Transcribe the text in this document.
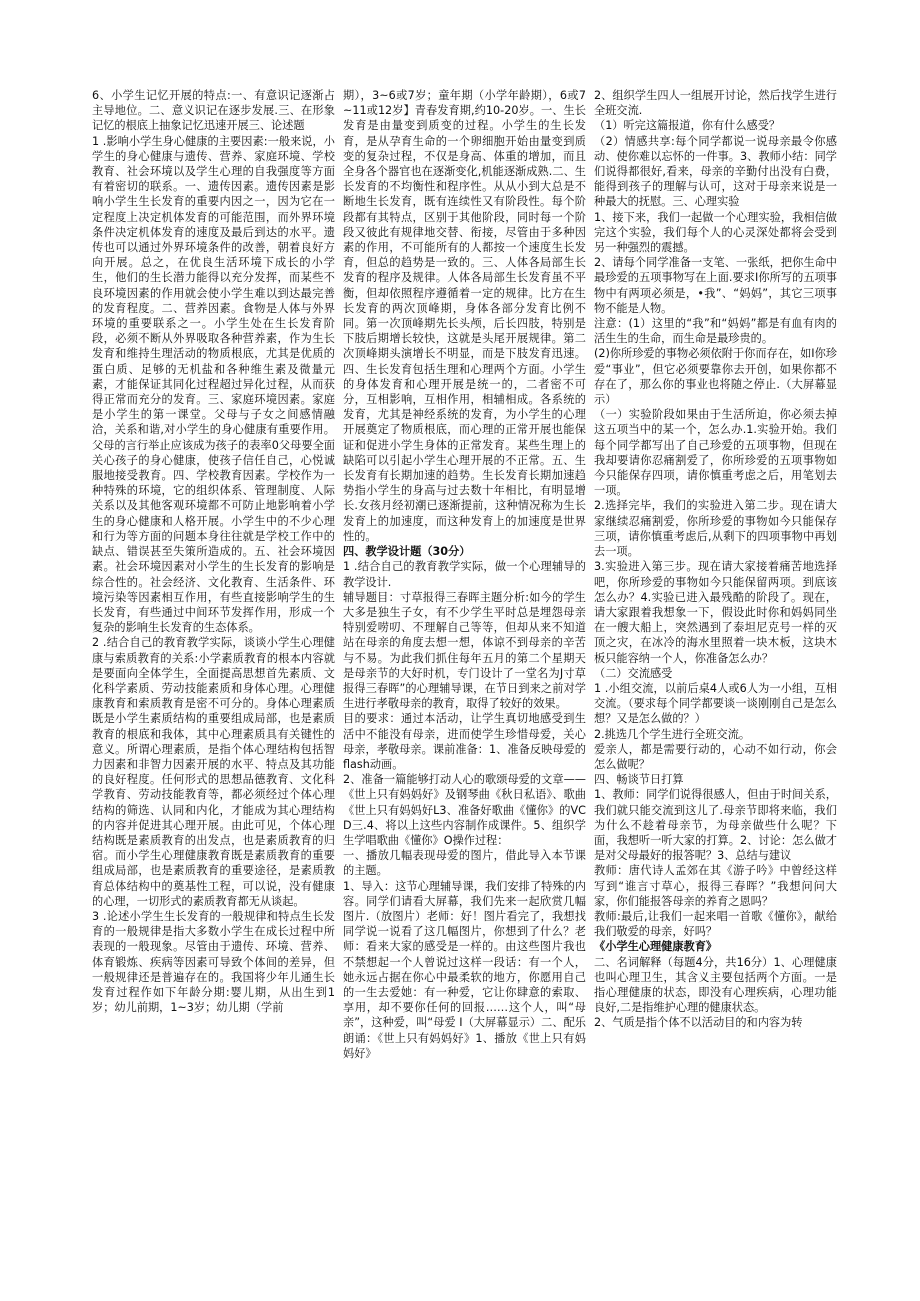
6、小学生记忆开展的特点:一、有意识记逐渐占主导地位。二、意义识记在逐步发展.三、在形象记忆的根底上抽象记忆迅速开展三、论述题

1 .影响小学生身心健康的主要因素:一般来说，小学生的身心健康与遗传、营养、家庭环境、学校教育、社会环境以及学生心理的自我强度等方面有着密切的联系。一、遗传因素。遗传因素是影响小学生生长发育的重要内因之一，因为它在一定程度上决定机体发育的可能范围，而外界环境条件决定机体发育的速度及最后到达的水平。遗传也可以通过外界环境条件的改善，朝着良好方向开展。总之，在优良生活环境下成长的小学生，他们的生长潜力能得以充分发挥，而某些不良环境因素的作用就会使小学生难以到达最完善的发育程度。二、营养因素。食物是人体与外界环境的重要联系之一。小学生处在生长发育阶段，必须不断从外界吸取各种营养素，作为生长发育和维持生理活动的物质根底，尤其是优质的蛋白质、足够的无机盐和各种维生素及微量元素，才能保证其同化过程超过异化过程，从而获得正常而充分的发育。三、家庭环境因素。家庭是小学生的第一课堂。父母与子女之间感情融洽，关系和谐,对小学生的身心健康有重要作用。父母的言行举止应该成为孩子的表率0父母要全面关心孩子的身心健康，使孩子信任自己，心悦诚服地接受教育。四、学校教育因素。学校作为一种特殊的环境，它的组织体系、管理制度、人际关系以及其他客观环境都不可防止地影响着小学生的身心健康和人格开展。小学生中的不少心理和行为等方面的问题本身往往就是学校工作中的缺点、错误甚至失策所造成的。五、社会环境因素。社会环境因素对小学生的生长发育的影响是综合性的。社会经济、文化教育、生活条件、环境污染等因素相互作用，有些直接影响学生的生长发育，有些通过中间环节发挥作用，形成一个复杂的影响生长发育的生态体系。

2 .结合自己的教育教学实际，谈谈小学生心理健康与索质教育的关系:小学素质教育的根本内容就是要面向全体学生，全面提高思想首先素质、文化科学素质、劳动技能素质和身体心理。心理健康教育和索质教育是密不可分的。身体心理素质既是小学生素质结构的重要组成局部，也是素质教育的根底和我体，其中心理素质具有关键性的意义。所谓心理素质，是指个体心理结构包括智力因素和非智力因素开展的水平、特点及其功能的良好程度。任何形式的思想品德教育、文化科学教育、劳动技能教育等，都必须经过个体心理结构的筛选、认同和内化，才能成为其心理结构的内容并促进其心理开展。由此可见，个体心理结构既是素质教育的出发点，也是素质教育的归宿。而小学生心理健康教育既是素质教育的重要组成局部，也是素质教育的重要途径，是素质教育总体结构中的奠基性工程，可以说，没有健康的心理，一切形式的素质教育都无从谈起。

3 .论述小学生生长发育的一般规律和特点生长发育的一般规律是指大多数小学生在成长过程中所表现的一般现象。尽管由于遗传、环境、营养、体育锻炼、疾病等因素可导致个体间的差异，但一般规律还是普遍存在的。我国将少年儿通生长发育过程作如下年龄分期:婴儿期，从出生到1岁；幼儿前期，1~3岁；幼儿期（学前

期），3~6或7岁；童年期（小学年龄期），6或7~11或12岁】青春发育期,约10-20岁。一、生长发育是由量变到质变的过程。小学生的生长发育，是从孕育生命的一个卵细胞开始由量变到质变的复杂过程，不仅是身高、体重的增加，而且全身各个器官也在逐渐变化,机能逐渐成熟.二、生长发育的不均衡性和程序性。从从小到大总是不断地生长发育，既有连续性又有阶段性。每个阶段都有其特点，区别于其他阶段，同时每一个阶段又彼此有规律地交替、衔接，尽管由于多种因素的作用，不可能所有的人都按一个速度生长发育，但总的趋势是一致的。三、人体各局部生长发育的程序及规律。人体各局部生长发育虽不平衡，但却依照程序遵循着一定的规律。比方在生长发育的两次顶峰期，身体各部分发育比例不同。第一次顶峰期先长头颅，后长四肢，特别是下肢后期增长较快，这就是头尾开展规律。第二次顶峰期头演增长不明显，而是下肢发育迅速。四、生长发育包括生理和心理两个方面。小学生的身体发育和心理开展是统一的，二者密不可分，互相影响，互相作用，相辅相成。各系统的发育，尤其是神经系统的发育，为小学生的心理开展奠定了物质根底，而心理的正常开展也能保证和促进小学生身体的正常发育。某些生理上的缺陷可以引起小学生心理开展的不正常。五、生长发育有长期加速的趋势。生长发育长期加速趋势指小学生的身高与过去数十年相比，有明显增长.女孩月经初潮已逐渐提前，这种情况称为生长发育上的加速度，而这种发育上的加速度是世界性的。

四、教学设计题（30分）

1 .结合自己的教育教学实际，做一个心理辅导的教学设计.

辅导题目：寸草报得三春晖主题分析:如今的学生大多是独生子女，有不少学生平时总是埋怨母亲特别爱唠叨、不理解自己等等，但却从来不知道站在母亲的角度去想一想，体谅不到母亲的辛苦与不易。为此我们抓住每年五月的第二个星期天是母亲节的大好时机，专门设计了一堂名为J寸草报得三春晖”的心理辅导课，在节日到来之前对学生进行孝敬母亲的教育，取得了较好的效果。

目的要求：通过本活动，让学生真切地感受到生活中不能没有母亲，进而使学生珍惜母爱，关心母亲，孝敬母亲。课前准备：1、准备反映母爱的flash动画。

2、准备一篇能够打动人心的歌颂母爱的文章——《世上只有妈妈好》及钢琴曲《秋日私语》、歌曲《世上只有妈妈好L3、准备好歌曲《懂你》的VCD三.4、将以上这些内容制作成课件。5、组织学生学唱歌曲《懂你》O操作过程：

一、播放几幅表现母爱的图片，借此导入本节课的主题。

1、导入：这节心理辅导课，我们安排了特殊的内容。同学们请看大屏幕，我们先来一起欣赏几幅图片.（放图片）老师：好！图片看完了，我想找同学说一说看了这几幅图片，你想到了什么？老师：看来大家的感受是一样的。由这些图片我也不禁想起一个人曾说过这样一段话：有一个人，她永远占据在你心中最柔软的地方，你愿用自己的一生去爱她：有一种爱，它让你肆意的索取、享用，却不要你任何的回报……这个人，叫“母亲”，这种爱，叫“母爱 I（大屏幕显示）二、配乐朗诵：《世上只有妈妈好》1、播放《世上只有妈妈好》

2、组织学生四人一组展开讨论，然后找学生进行全班交流.

（1）听完这篇报道，你有什么感受？

（2）情感共享:每个同学都说一说母亲最令你感动、使你难以忘怀的一件事。3、教师小结：同学们说得都很好,看来，母亲的辛勤付出没有白费，能得到孩子的理解与认可，这对于母亲来说是一种最大的抚慰。三、心理实验

1、接下来，我们一起做一个心理实验，我相信做完这个实验，我们每个人的心灵深处都将会受到另一种强烈的震撼。

2、请每个同学准备一支笔、一张纸，把你生命中最珍爱的五项事物写在上面.要求I你所写的五项事物中有两项必须是，•我”、“妈妈”，其它三项事物不能是人物。

注意：(1）这里的“我”和“妈妈”都是有血有肉的活生生的生命，而生命是最珍贵的。

(2)你所珍爱的事物必须依附于你而存在，如I你珍爱“事业”，但它必须要靠你去开创，如果你都不存在了，那么你的事业也将随之停止.（大屏幕显示）

（一）实验阶段如果由于生活所迫，你必须去掉这五项当中的某一个，怎么办.1.实验开始。我们每个同学都写出了自己珍爱的五项事物，但现在我却要请你忍痛割爱了，你所珍爱的五项事物如今只能保存四项，请你慎重考虑之后，用笔划去一项。

2.选择完毕，我们的实验进入第二步。现在请大家继续忍痛割爱，你所珍爱的事物如今只能保存三项，请你慎重考虑后,从剩下的四项事物中再划去一项。

3.实验进入第三步。现在请大家接着痛苦地选择吧，你所珍爱的事物如今只能保留两项。到底该怎么办？4.实验已进入最残酷的阶段了。现在，请大家跟着我想象一下，假设此时你和妈妈同坐在一艘大船上，突然遇到了泰坦尼克号一样的灭顶之灾，在冰冷的海水里照着一块木板，这块木板只能容纳一个人，你准备怎么办？

（二）交流感受

1 .小组交流，以前后桌4人或6人为一小组，互相交流。（要求每个同学都要谈一谈刚刚自己是怎么想？又是怎么做的？）

2.挑选几个学生进行全班交流。

爱亲人，都是需要行动的，心动不如行动，你会怎么做呢？

四、畅谈节日打算

1、教师：同学们说得很感人，但由于时间关系，我们就只能交流到这儿了.母亲节即将来临，我们为什么不趁着母亲节，为母亲做些什么呢？下面，我想听一听大家的打算。2、讨论：怎么做才是对父母最好的报答呢？3、总结与建议

教师：唐代诗人孟郊在其《游子吟》中曾经这样写到“谁言寸草心，报得三春晖？”我想问问大家，你们能报答母亲的养育之恩吗？

教师:最后,让我们一起来唱一首歌《懂你》，献给我们敬爱的母亲，好吗？

《小学生心理健康教育》

二、名词解释（每题4分，共16分）1、心理健康也叫心理卫生，其含义主要包括两个方面。一是指心理健康的状态，即没有心理疾病，心理功能良好,二是指维护心理的健康状态。

2、气质是指个体不以活动目的和内容为转
